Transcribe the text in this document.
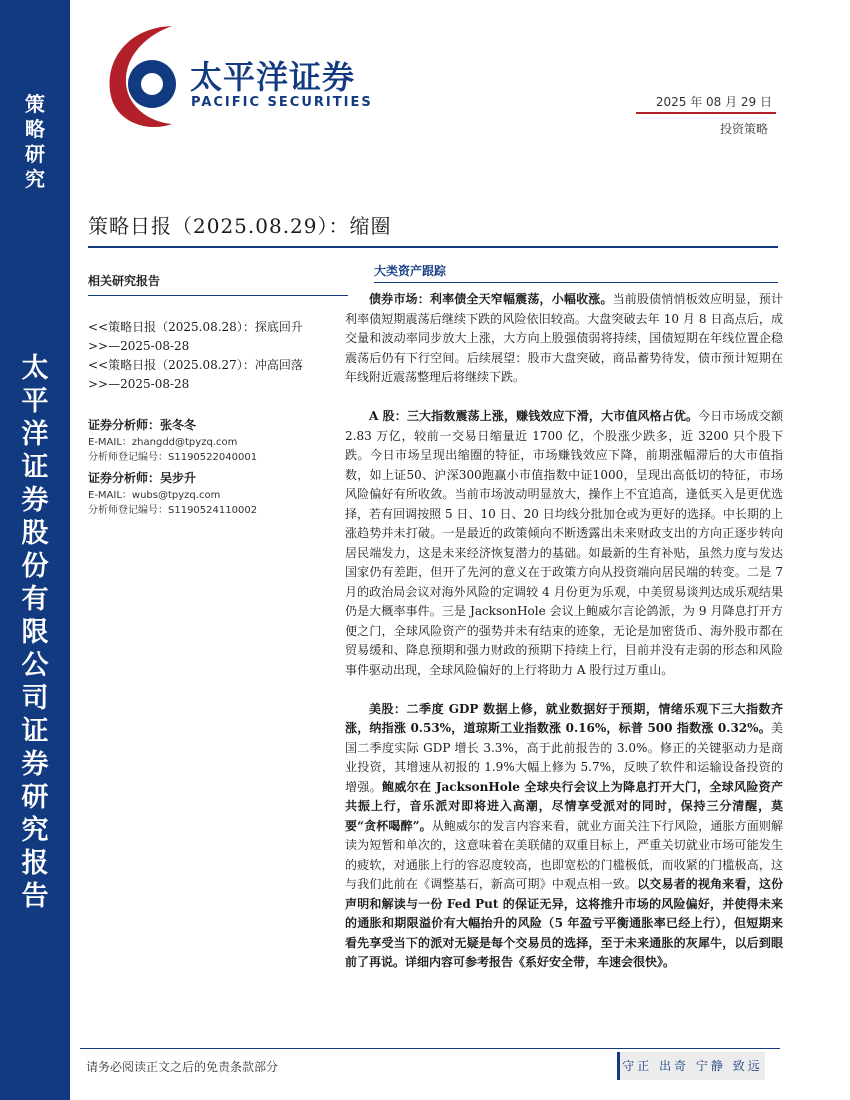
策略研究
太平洋证券股份有限公司证券研究报告
太平洋证券
PACIFIC SECURITIES	2025 年 08 月 29 日
投资策略
策略日报（2025.08.29）：缩圈
相关研究报告
<<策略日报（2025.08.28）：探底回升>>—2025-08-28
<<策略日报（2025.08.27）：冲高回落>>—2025-08-28
证券分析师：张冬冬
E-MAIL：zhangdd@tpyzq.com
分析师登记编号：S1190522040001
证券分析师：吴步升
E-MAIL：wubs@tpyzq.com
分析师登记编号：S1190524110002
大类资产跟踪

债券市场：利率债全天窄幅震荡，小幅收涨。当前股债悄悄板效应明显，预计利率债短期震荡后继续下跌的风险依旧较高。大盘突破去年 10 月 8 日高点后，成交量和波动率同步放大上涨，大方向上股强债弱将持续，国债短期在年线位置企稳震荡后仍有下行空间。后续展望：股市大盘突破，商品蓄势待发，债市预计短期在年线附近震荡整理后将继续下跌。

A 股：三大指数震荡上涨，赚钱效应下滑，大市值风格占优。今日市场成交额 2.83 万亿，较前一交易日缩量近 1700 亿，个股涨少跌多，近 3200 只个股下跌。今日市场呈现出缩圈的特征，市场赚钱效应下降，前期涨幅滞后的大市值指数，如上证50、沪深300跑赢小市值指数中证1000，呈现出高低切的特征，市场风险偏好有所收敛。当前市场波动明显放大，操作上不宜追高，逢低买入是更优选择，若有回调按照 5 日、10 日、20 日均线分批加仓或为更好的选择。中长期的上涨趋势并未打破。一是最近的政策倾向不断透露出未来财政支出的方向正逐步转向居民端发力，这是未来经济恢复潜力的基础。如最新的生育补贴，虽然力度与发达国家仍有差距，但开了先河的意义在于政策方向从投资端向居民端的转变。二是 7 月的政治局会议对海外风险的定调较 4 月份更为乐观，中美贸易谈判达成乐观结果仍是大概率事件。三是 JacksonHole 会议上鲍威尔言论鸽派，为 9 月降息打开方便之门，全球风险资产的强势并未有结束的迹象，无论是加密货币、海外股市都在贸易缓和、降息预期和强力财政的预期下持续上行，目前并没有走弱的形态和风险事件驱动出现，全球风险偏好的上行将助力 A 股行过万重山。

美股：二季度 GDP 数据上修，就业数据好于预期，情绪乐观下三大指数齐涨，纳指涨 0.53%，道琼斯工业指数涨 0.16%，标普 500 指数涨 0.32%。美国二季度实际 GDP 增长 3.3%，高于此前报告的 3.0%。修正的关键驱动力是商业投资，其增速从初报的 1.9%大幅上修为 5.7%，反映了软件和运输设备投资的增强。鲍威尔在 JacksonHole 全球央行会议上为降息打开大门，全球风险资产共振上行，音乐派对即将进入高潮，尽情享受派对的同时，保持三分清醒，莫要“贪杯喝醉”。从鲍威尔的发言内容来看，就业方面关注下行风险，通胀方面则解读为短暂和单次的，这意味着在美联储的双重目标上，严重关切就业市场可能发生的疲软，对通胀上行的容忍度较高，也即宽松的门槛极低，而收紧的门槛极高，这与我们此前在《调整基石，新高可期》中观点相一致。以交易者的视角来看，这份声明和解读与一份 Fed Put 的保证无异，这将推升市场的风险偏好，并使得未来的通胀和期限溢价有大幅抬升的风险（5 年盈亏平衡通胀率已经上行），但短期来看先享受当下的派对无疑是每个交易员的选择，至于未来通胀的灰犀牛，以后到眼前了再说。详细内容可参考报告《系好安全带，车速会很快》。

请务必阅读正文之后的免责条款部分	守正 出奇 宁静 致远
